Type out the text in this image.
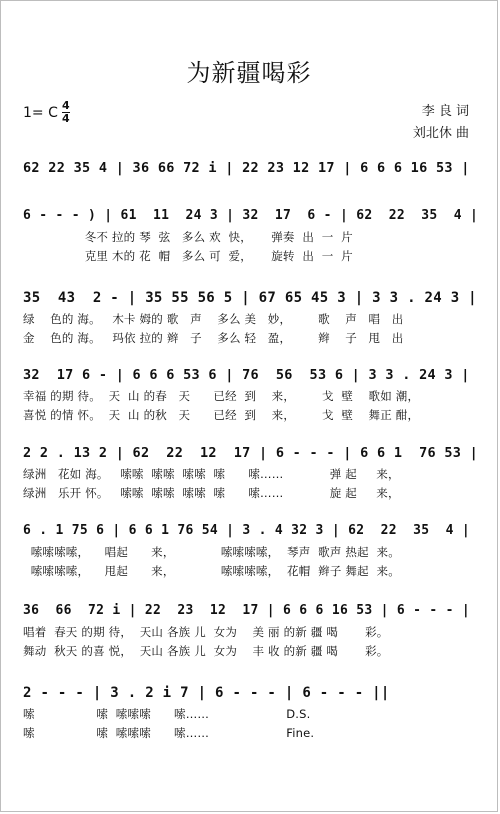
为新疆喝彩
1= C $\frac{4}{4}$	李 良 词
刘北休 曲
62 22 35 4 | 36 66 72 i | 22 23 12 17 | 6 6 6 16 53 |
6 - - - ) | 61  11  24 3 | 32  17  6 - | 62  22  35  4 |
冬不 拉的 琴  弦   多么 欢  快，     弹奏  出  一  片
克里 木的 花  帽   多么 可  爱，     旋转  出  一  片
35  43  2 - | 35 55 56 5 | 67 65 45 3 | 3 3 . 24 3 |
绿    色的 海。   木卡 姆的 歌   声    多么 美   妙，       歌    声   唱   出
金    色的 海。   玛依 拉的 辫   子    多么 轻   盈，       辫    子   甩   出
32  17 6 - | 6 6 6 53 6 | 76  56  53 6 | 3 3 . 24 3 |
幸福 的期 待。  天  山 的春   天      已经  到    来，       戈  壁    歌如 潮，
喜悦 的情 怀。  天  山 的秋   天      已经  到    来，       戈  壁    舞正 酣，
2 2 . 13 2 | 62  22  12  17 | 6 - - - | 6 6 1  76 53 |
绿洲   花如 海。   嗦嗦  嗦嗦  嗦嗦  嗦      嗦……            弹 起     来，
绿洲   乐开 怀。   嗦嗦  嗦嗦  嗦嗦  嗦      嗦……            旋 起     来，
6 . 1 75 6 | 6 6 1 76 54 | 3 . 4 32 3 | 62  22  35  4 |
嗦嗦嗦嗦，    唱起      来，            嗦嗦嗦嗦，  琴声  歌声 热起  来。
嗦嗦嗦嗦，    甩起      来，            嗦嗦嗦嗦，  花帽  辫子 舞起  来。
36  66  72 i | 22  23  12  17 | 6 6 6 16 53 | 6 - - - |
唱着  春天 的期 待，  天山 各族 儿  女为    美 丽 的新 疆 喝       彩。
舞动  秋天 的喜 悦，  天山 各族 儿  女为    丰 收 的新 疆 喝       彩。
2 - - - | 3 . 2 i 7 | 6 - - - | 6 - - - ||
嗦                嗦  嗦嗦嗦      嗦……                    D.S.
嗦                嗦  嗦嗦嗦      嗦……                    Fine.
